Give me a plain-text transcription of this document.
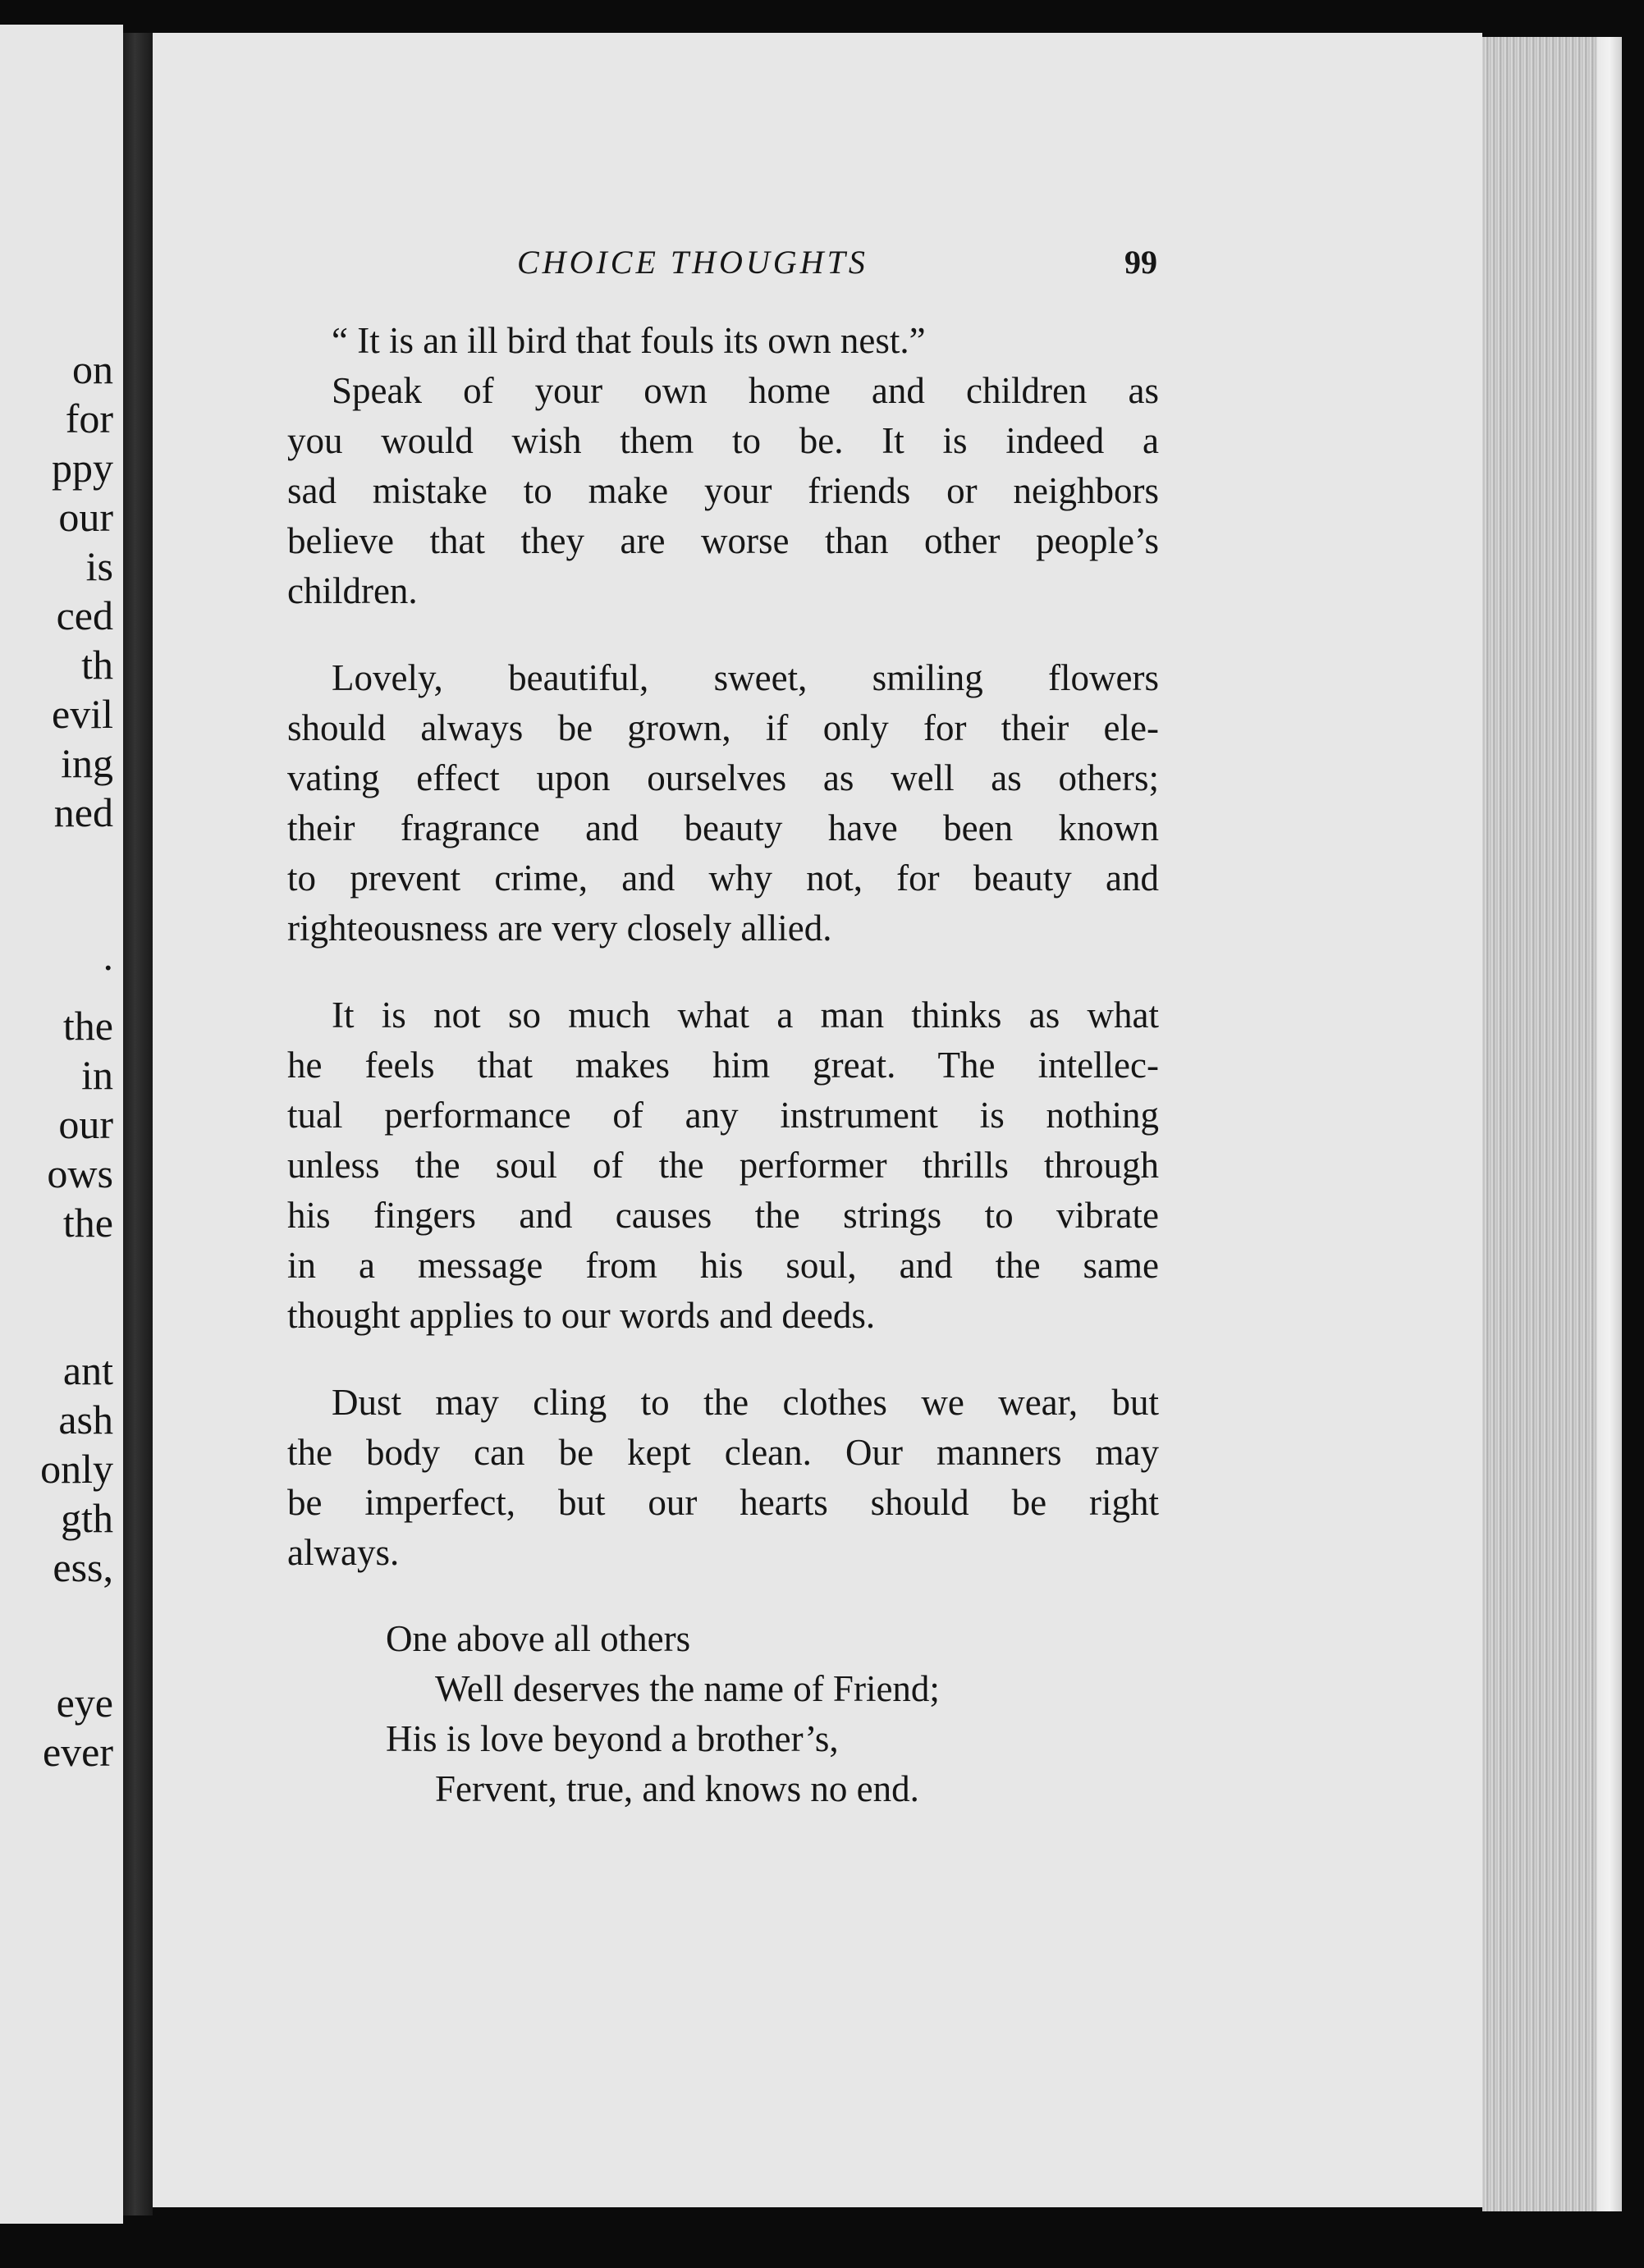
on
for
ppy
our
is
ced
th
evil
ing
ned
.
the
in
our
ows
the
ant
ash
only
gth
ess,
eye
ever
CHOICE THOUGHTS	99
“ It is an ill bird that fouls its own nest.”
Speak of your own home and children as
you would wish them to be. It is indeed a
sad mistake to make your friends or neighbors
believe that they are worse than other people’s
children.
Lovely, beautiful, sweet, smiling flowers
should always be grown, if only for their ele-
vating effect upon ourselves as well as others;
their fragrance and beauty have been known
to prevent crime, and why not, for beauty and
righteousness are very closely allied.
It is not so much what a man thinks as what
he feels that makes him great. The intellec-
tual performance of any instrument is nothing
unless the soul of the performer thrills through
his fingers and causes the strings to vibrate
in a message from his soul, and the same
thought applies to our words and deeds.
Dust may cling to the clothes we wear, but
the body can be kept clean. Our manners may
be imperfect, but our hearts should be right
always.
One above all others
Well deserves the name of Friend;
His is love beyond a brother’s,
Fervent, true, and knows no end.
